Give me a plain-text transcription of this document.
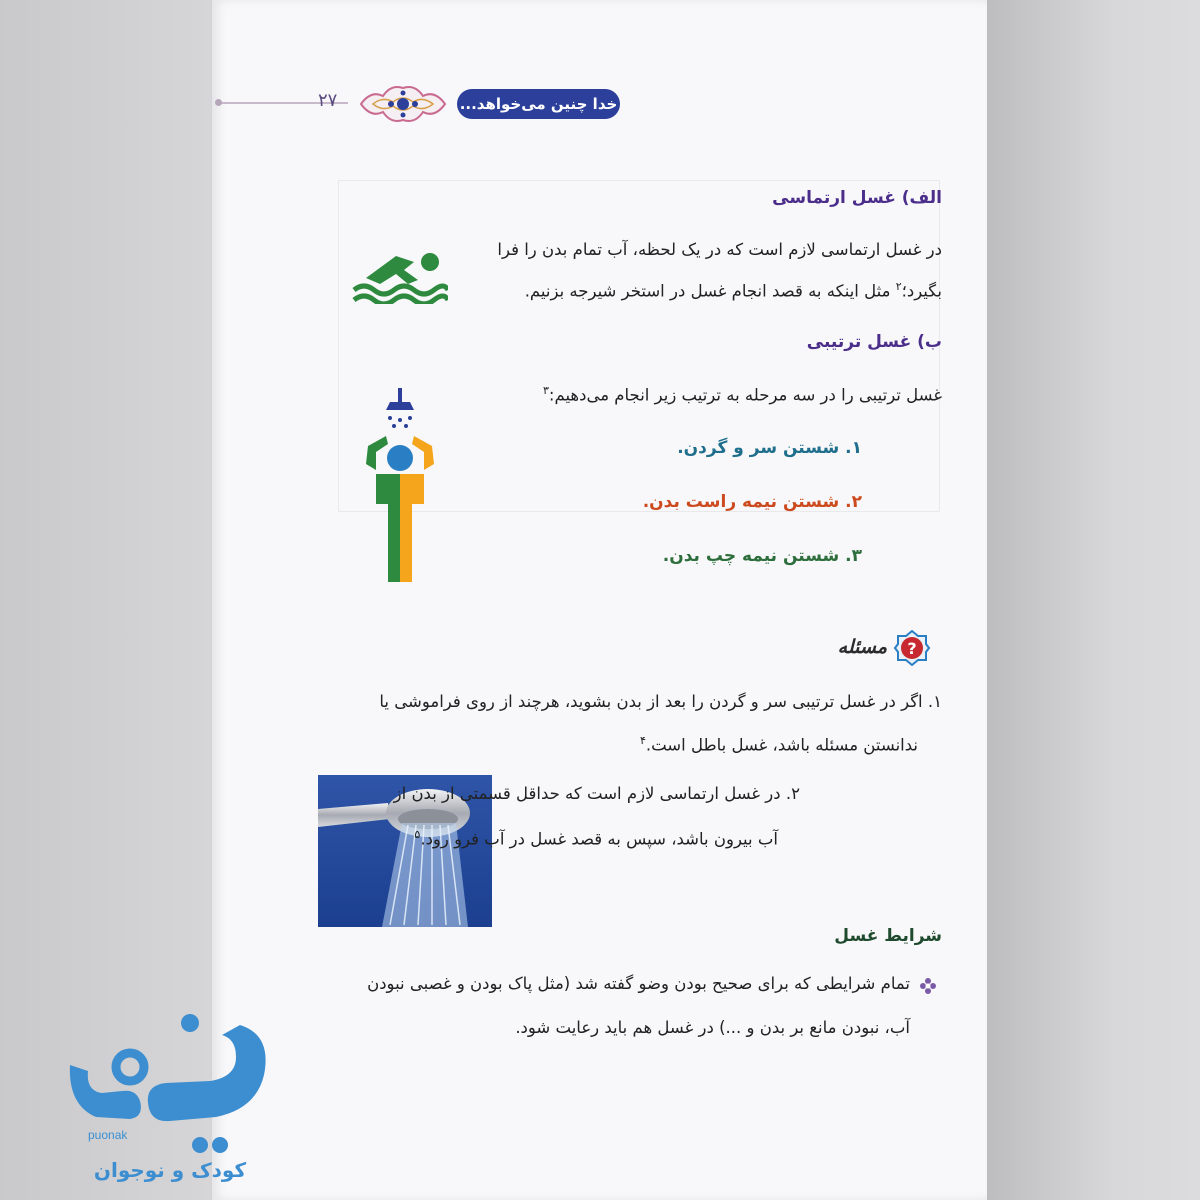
۲۷	خدا چنین می‌خواهد...
الف) غسل ارتماسی
در غسل ارتماسی لازم است که در یک لحظه، آب تمام بدن را فرا
بگیرد؛$^۲$ مثل اینکه به قصد انجام غسل در استخر شیرجه بزنیم.
ب) غسل ترتیبی
غسل ترتیبی را در سه مرحله به ترتیب زیر انجام می‌دهیم:$^۳$
۱. شستن سر و گردن.
۲. شستن نیمه راست بدن.
۳. شستن نیمه چپ بدن.
?
مسئله
۱. اگر در غسل ترتیبی سر و گردن را بعد از بدن بشوید، هرچند از روی فراموشی یا
ندانستن مسئله باشد، غسل باطل است.$^۴$
۲. در غسل ارتماسی لازم است که حداقل قسمتی از بدن از
آب بیرون باشد، سپس به قصد غسل در آب فرو رود.$^۵$
شرایط غسل
تمام شرایطی که برای صحیح بودن وضو گفته شد (مثل پاک بودن و غصبی نبودن
آب، نبودن مانع بر بدن و ...) در غسل هم باید رعایت شود.
puonak
کودک و نوجوان
